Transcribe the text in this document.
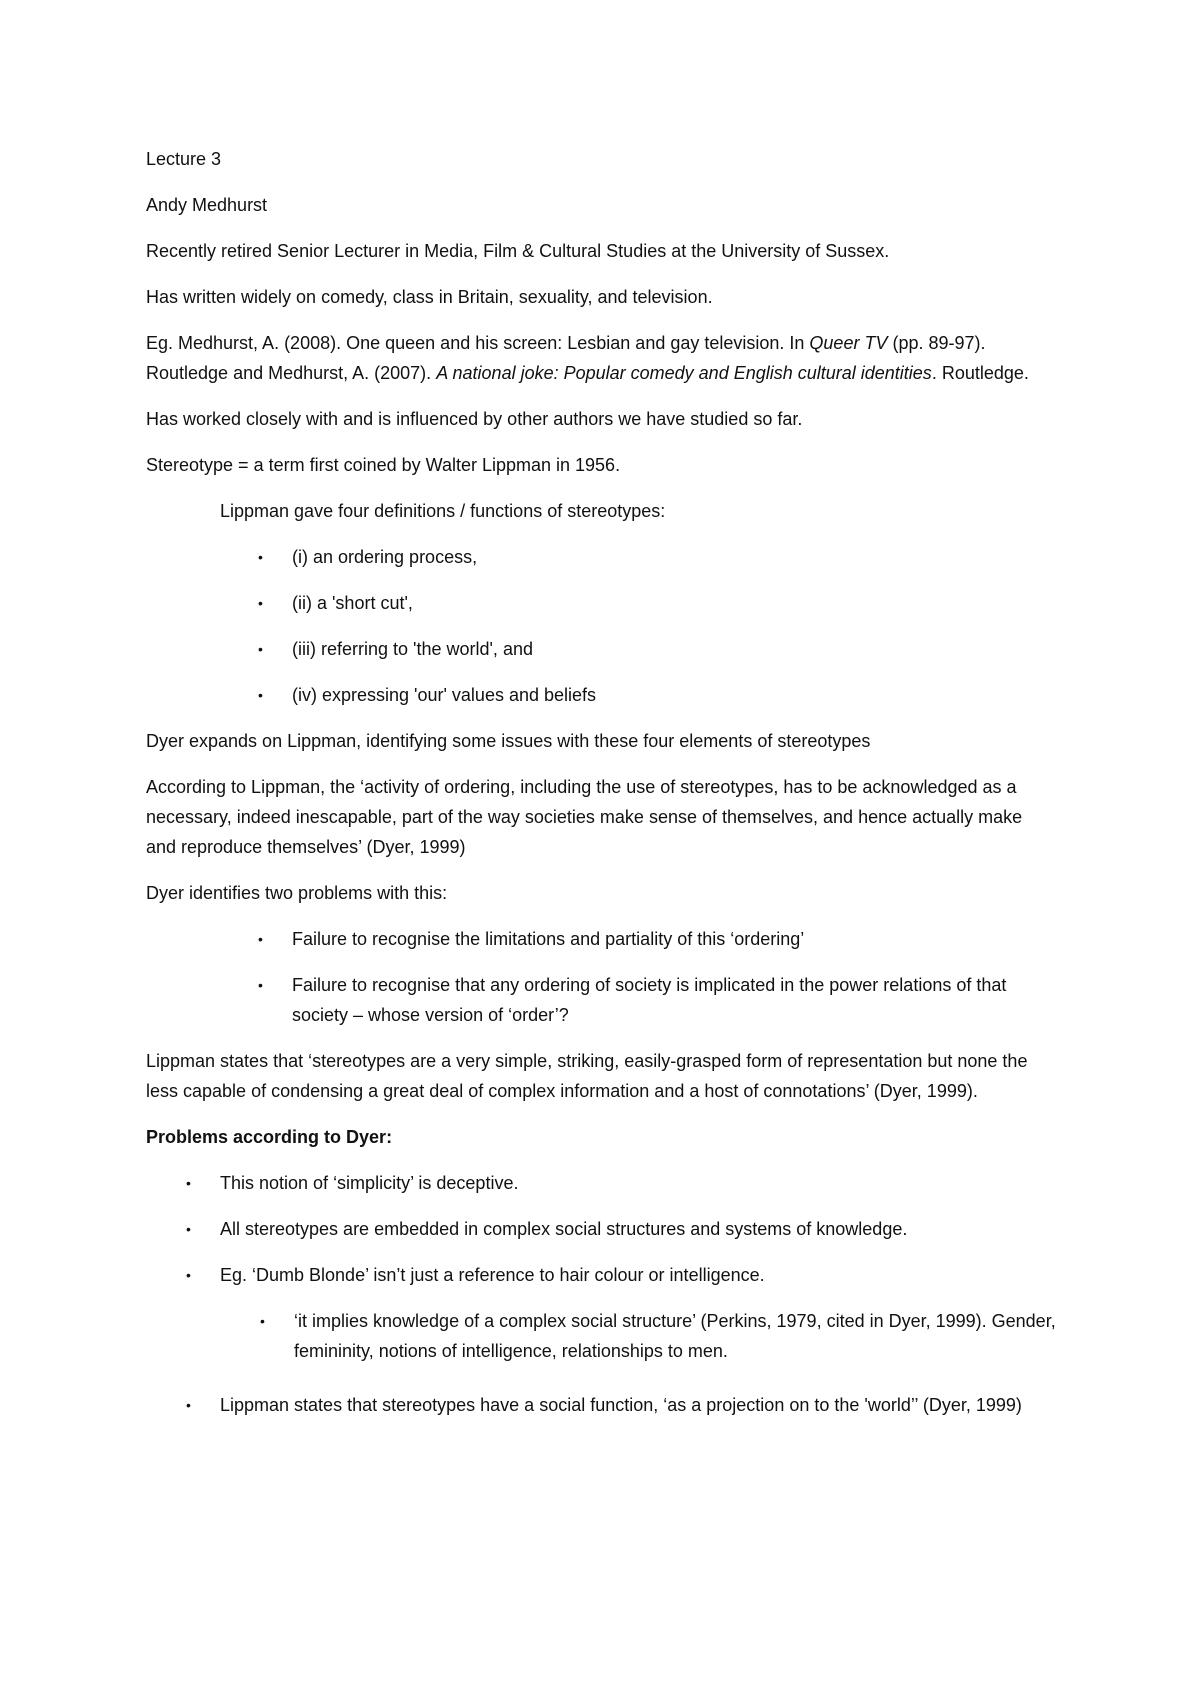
Lecture 3

Andy Medhurst

Recently retired Senior Lecturer in Media, Film & Cultural Studies at the University of Sussex.

Has written widely on comedy, class in Britain, sexuality, and television.

Eg. Medhurst, A. (2008). One queen and his screen: Lesbian and gay television. In Queer TV (pp. 89-97). Routledge and Medhurst, A. (2007). A national joke: Popular comedy and English cultural identities. Routledge.

Has worked closely with and is influenced by other authors we have studied so far.

Stereotype = a term first coined by Walter Lippman in 1956.

Lippman gave four definitions / functions of stereotypes:

• (i) an ordering process,
• (ii) a 'short cut',
• (iii) referring to 'the world', and
• (iv) expressing 'our' values and beliefs

Dyer expands on Lippman, identifying some issues with these four elements of stereotypes

According to Lippman, the ‘activity of ordering, including the use of stereotypes, has to be acknowledged as a necessary, indeed inescapable, part of the way societies make sense of themselves, and hence actually make and reproduce themselves’ (Dyer, 1999)

Dyer identifies two problems with this:

• Failure to recognise the limitations and partiality of this ‘ordering’
• Failure to recognise that any ordering of society is implicated in the power relations of that society – whose version of ‘order’?

Lippman states that ‘stereotypes are a very simple, striking, easily-grasped form of representation but none the less capable of condensing a great deal of complex information and a host of connotations’ (Dyer, 1999).

Problems according to Dyer:

• This notion of ‘simplicity’ is deceptive.
• All stereotypes are embedded in complex social structures and systems of knowledge.
• Eg. ‘Dumb Blonde’ isn’t just a reference to hair colour or intelligence.
• ‘it implies knowledge of a complex social structure’ (Perkins, 1979, cited in Dyer, 1999). Gender, femininity, notions of intelligence, relationships to men.
• Lippman states that stereotypes have a social function, ‘as a projection on to the 'world’’ (Dyer, 1999)
